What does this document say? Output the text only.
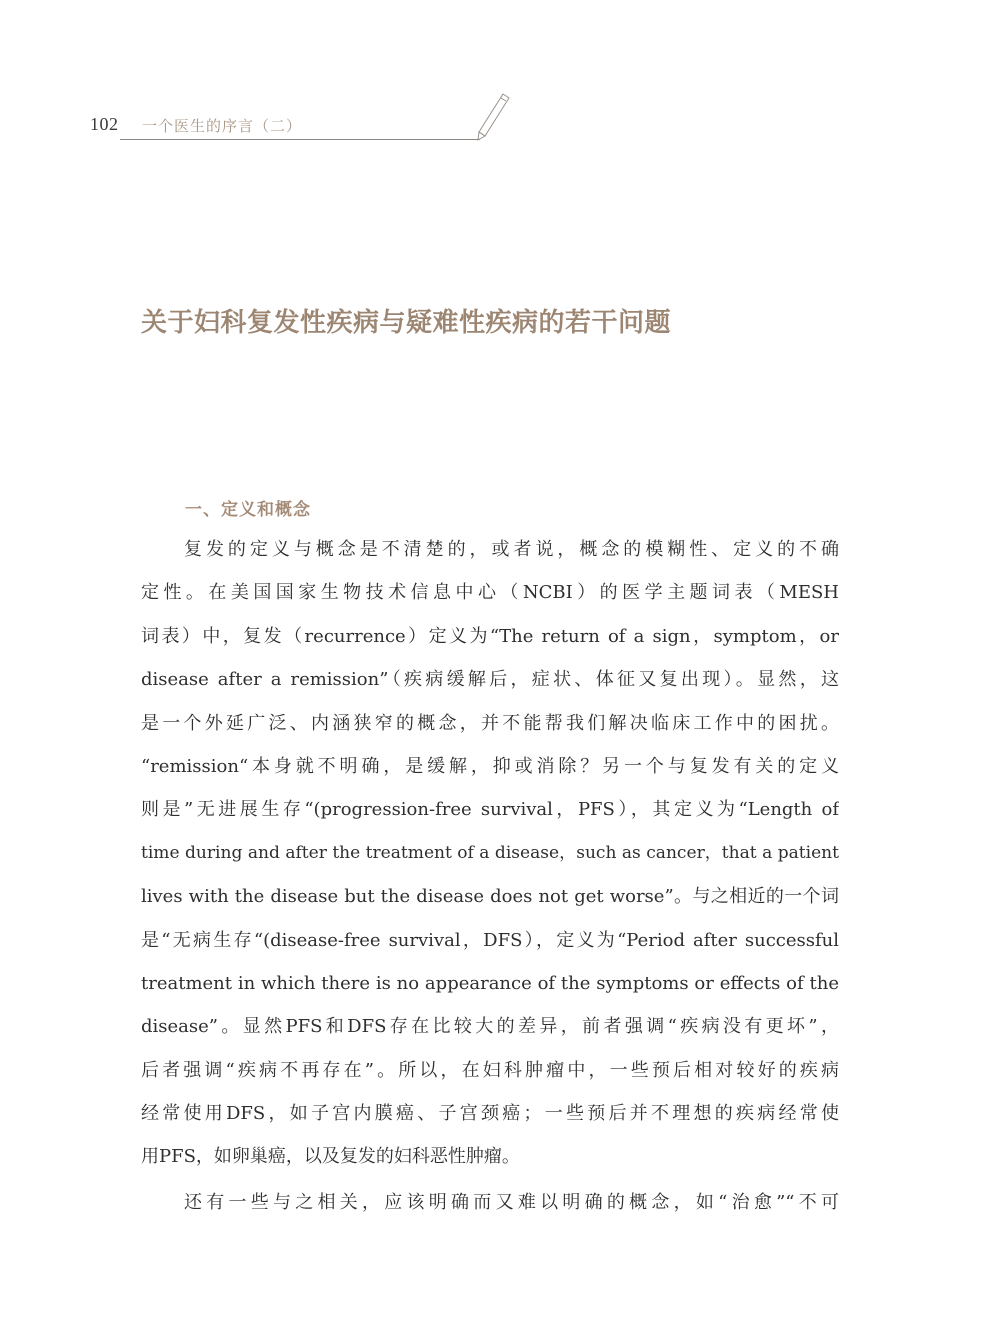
102 一个医生的序言（二）
关于妇科复发性疾病与疑难性疾病的若干问题
一、定义和概念
复发的定义与概念是不清楚的，或者说，概念的模糊性、定义的不确
定性。在美国国家生物技术信息中心（NCBI）的医学主题词表（MESH
词表）中，复发（recurrence）定义为“The return of a sign，symptom，or
disease after a remission”（疾病缓解后，症状、体征又复出现）。显然，这
是一个外延广泛、内涵狭窄的概念，并不能帮我们解决临床工作中的困扰。
“remission“本身就不明确，是缓解，抑或消除？另一个与复发有关的定义
则是”无进展生存“(progression-free survival，PFS），其定义为“Length of
time during and after the treatment of a disease，such as cancer，that a patient
lives with the disease but the disease does not get worse”。与之相近的一个词
是“无病生存“(disease-free survival，DFS），定义为“Period after successful
treatment in which there is no appearance of the symptoms or effects of the
disease”。显然PFS和DFS存在比较大的差异，前者强调“疾病没有更坏”，
后者强调“疾病不再存在”。所以，在妇科肿瘤中，一些预后相对较好的疾病
经常使用DFS，如子宫内膜癌、子宫颈癌；一些预后并不理想的疾病经常使
用PFS，如卵巢癌，以及复发的妇科恶性肿瘤。
还有一些与之相关，应该明确而又难以明确的概念，如“治愈”“不可
